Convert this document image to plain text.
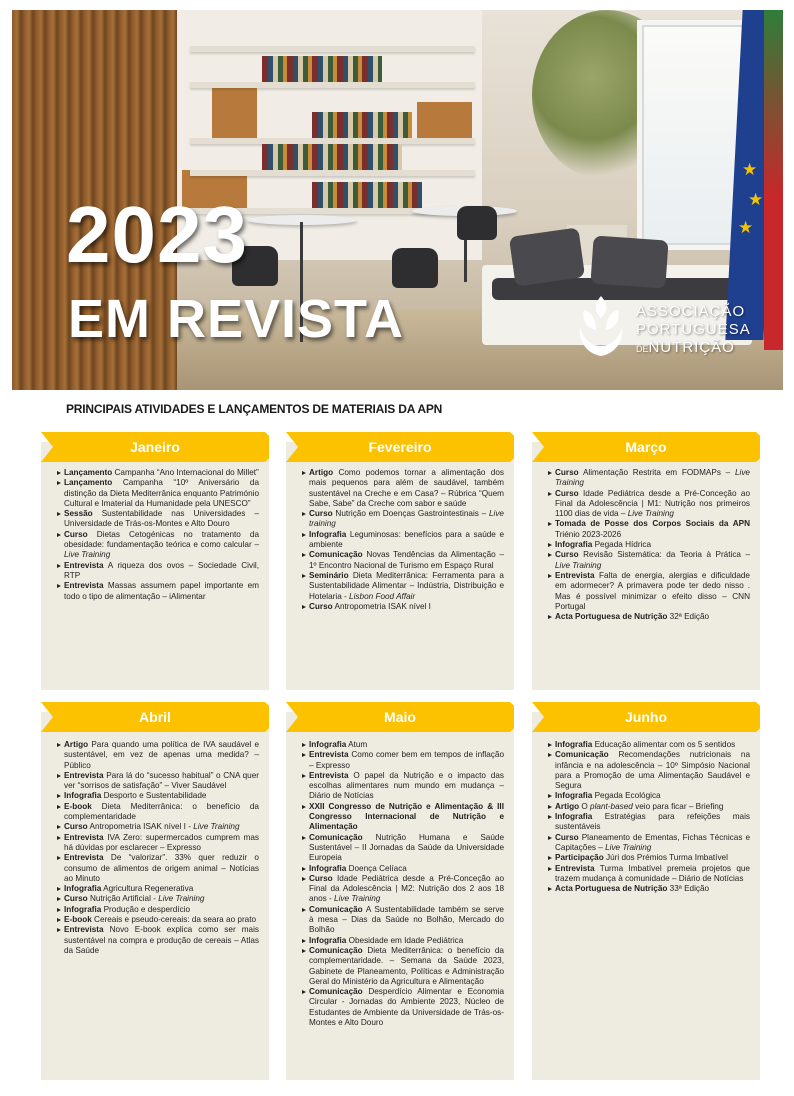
★
★
★
2023
EM REVISTA	ASSOCIAÇÃO
PORTUGUESA
DENUTRIÇÃO
PRINCIPAIS ATIVIDADES E LANÇAMENTOS DE MATERIAIS DA APN
Janeiro
Lançamento Campanha “Ano Internacional do Millet”
Lançamento Campanha “10º Aniversário da distinção da Dieta Mediterrânica enquanto Património Cultural e Imaterial da Humanidade pela UNESCO”
Sessão Sustentabilidade nas Universidades – Universidade de Trás-os-Montes e Alto Douro
Curso Dietas Cetogénicas no tratamento da obesidade: fundamentação teórica e como calcular – Live Training
Entrevista A riqueza dos ovos – Sociedade Civil, RTP
Entrevista Massas assumem papel importante em todo o tipo de alimentação – iAlimentar
Fevereiro
Artigo Como podemos tornar a alimentação dos mais pequenos para além de saudável, também sustentável na Creche e em Casa? – Rúbrica “Quem Sabe, Sabe” da Creche com sabor e saúde
Curso Nutrição em Doenças Gastrointestinais – Live training
Infografia Leguminosas: benefícios para a saúde e ambiente
Comunicação Novas Tendências da Alimentação – 1º Encontro Nacional de Turismo em Espaço Rural
Seminário Dieta Mediterrânica: Ferramenta para a Sustentabilidade Alimentar – Indústria, Distribuição e Hotelaria - Lisbon Food Affair
Curso Antropometria ISAK nível I
Março
Curso Alimentação Restrita em FODMAPs – Live Training
Curso Idade Pediátrica desde a Pré-Conceção ao Final da Adolescência | M1: Nutrição nos primeiros 1100 dias de vida – Live Training
Tomada de Posse dos Corpos Sociais da APN Triénio 2023-2026
Infografia Pegada Hídrica
Curso Revisão Sistemática: da Teoria à Prática – Live Training
Entrevista Falta de energia, alergias e dificuldade em adormecer? A primavera pode ter dedo nisso . Mas é possível minimizar o efeito disso – CNN Portugal
Acta Portuguesa de Nutrição 32ª Edição
Abril
Artigo Para quando uma política de IVA saudável e sustentável, em vez de apenas uma medida? – Público
Entrevista Para lá do “sucesso habitual” o CNA quer ver “sorrisos de satisfação” – Viver Saudável
Infografia Desporto e Sustentabilidade
E-book Dieta Mediterrânica: o benefício da complementaridade
Curso Antropometria ISAK nível I - Live Training
Entrevista IVA Zero: supermercados cumprem mas há dúvidas por esclarecer – Expresso
Entrevista De “valorizar”. 33% quer reduzir o consumo de alimentos de origem animal – Notícias ao Minuto
Infografia Agricultura Regenerativa
Curso Nutrição Artificial - Live Training
Infografia Produção e desperdício
E-book Cereais e pseudo-cereais: da seara ao prato
Entrevista Novo E-book explica como ser mais sustentável na compra e produção de cereais – Atlas da Saúde
Maio
Infografia Atum
Entrevista Como comer bem em tempos de inflação – Expresso
Entrevista O papel da Nutrição e o impacto das escolhas alimentares num mundo em mudança – Diário de Notícias
XXII Congresso de Nutrição e Alimentação & III Congresso Internacional de Nutrição e Alimentação
Comunicação Nutrição Humana e Saúde Sustentável – II Jornadas da Saúde da Universidade Europeia
Infografia Doença Celíaca
Curso Idade Pediátrica desde a Pré-Conceção ao Final da Adolescência | M2: Nutrição dos 2 aos 18 anos - Live Training
Comunicação A Sustentabilidade também se serve à mesa – Dias da Saúde no Bolhão, Mercado do Bolhão
Infografia Obesidade em Idade Pediátrica
Comunicação Dieta Mediterrânica: o benefício da complementaridade. – Semana da Saúde 2023, Gabinete de Planeamento, Políticas e Administração Geral do Ministério da Agricultura e Alimentação
Comunicação Desperdício Alimentar e Economia Circular - Jornadas do Ambiente 2023, Núcleo de Estudantes de Ambiente da Universidade de Trás-os-Montes e Alto Douro
Junho
Infografia Educação alimentar com os 5 sentidos
Comunicação Recomendações nutricionais na infância e na adolescência – 10º Simpósio Nacional para a Promoção de uma Alimentação Saudável e Segura
Infografia Pegada Ecológica
Artigo O plant-based veio para ficar – Briefing
Infografia Estratégias para refeições mais sustentáveis
Curso Planeamento de Ementas, Fichas Técnicas e Capitações – Live Training
Participação Júri dos Prémios Turma Imbatível
Entrevista Turma Imbatível premeia projetos que trazem mudança à comunidade – Diário de Notícias
Acta Portuguesa de Nutrição 33ª Edição
